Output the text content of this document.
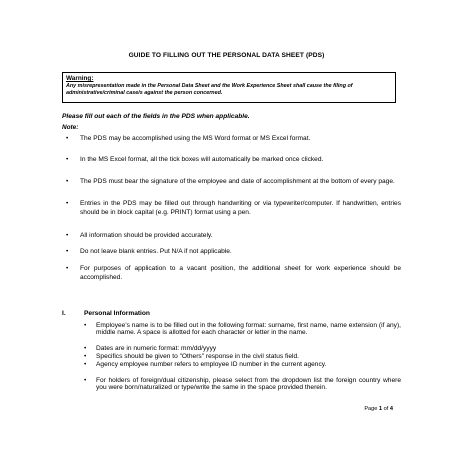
GUIDE TO FILLING OUT THE PERSONAL DATA SHEET (PDS)
Warning:
Any misrepresentation made in the Personal Data Sheet and the Work Experience Sheet shall cause the filing of administrative/criminal case/s against the person concerned.
Please fill out each of the fields in the PDS when applicable.
Note:
•	The PDS may be accomplished using the MS Word format or MS Excel format.
•	In the MS Excel format, all the tick boxes will automatically be marked once clicked.
•	The PDS must bear the signature of the employee and date of accomplishment at the bottom of every page.
•	Entries in the PDS may be filled out through handwriting or via typewriter/computer. If handwritten, entries should be in block capital (e.g. PRINT) format using a pen.
•	All information should be provided accurately.
•	Do not leave blank entries. Put N/A if not applicable.
•	For purposes of application to a vacant position, the additional sheet for work experience should be accomplished.
I.	Personal Information
• Employee's name is to be filled out in the following format: surname, first name, name extension (if any), middle name. A space is allotted for each character or letter in the name.
• Dates are in numeric format: mm/dd/yyyy
• Specifics should be given to "Others" response in the civil status field.
• Agency employee number refers to employee ID number in the current agency.
• For holders of foreign/dual citizenship, please select from the dropdown list the foreign country where you were born/naturalized or type/write the same in the space provided therein.
Page 1 of 4
